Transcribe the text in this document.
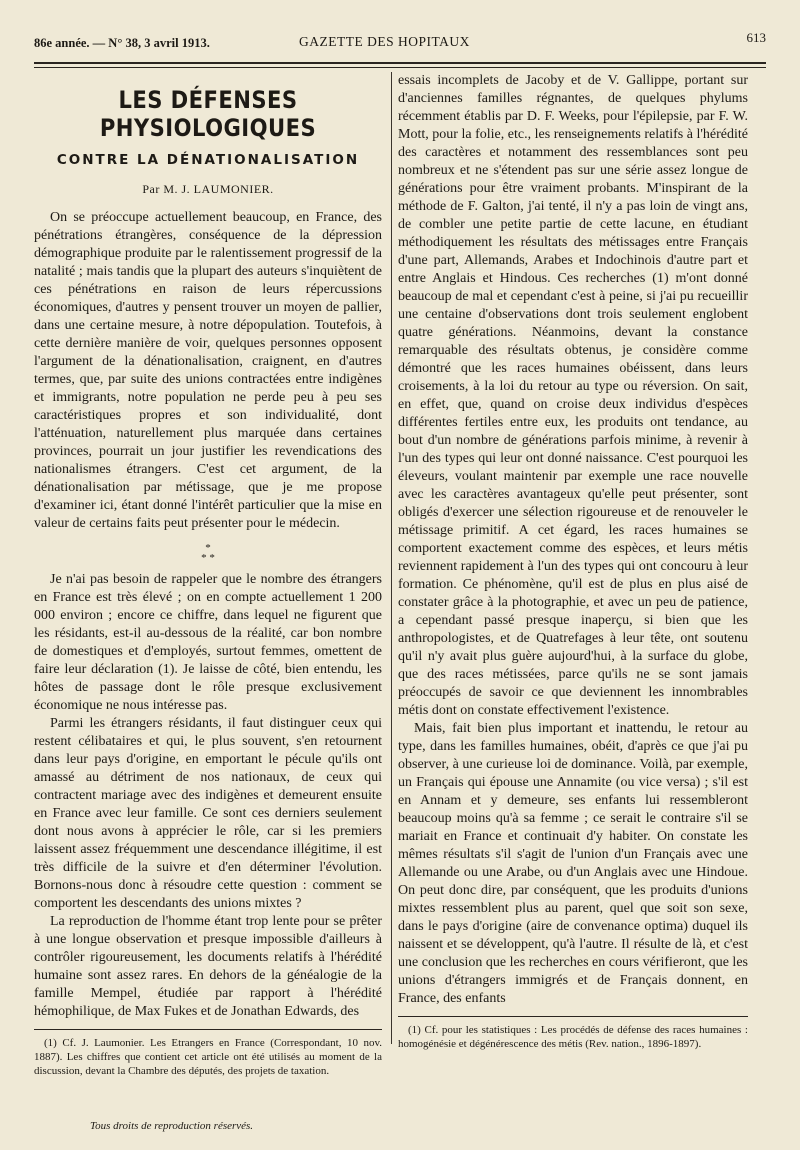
86e année. — N° 38, 3 avril 1913.	GAZETTE DES HOPITAUX	613
LES DÉFENSES PHYSIOLOGIQUES
CONTRE LA DÉNATIONALISATION
Par M. J. LAUMONIER.

On se préoccupe actuellement beaucoup, en France, des pénétrations étrangères, conséquence de la dépression démographique produite par le ralentissement progressif de la natalité ; mais tandis que la plupart des auteurs s'inquiètent de ces pénétrations en raison de leurs répercussions économiques, d'autres y pensent trouver un moyen de pallier, dans une certaine mesure, à notre dépopulation. Toutefois, à cette dernière manière de voir, quelques personnes opposent l'argument de la dénationalisation, craignent, en d'autres termes, que, par suite des unions contractées entre indigènes et immigrants, notre population ne perde peu à peu ses caractéristiques propres et son individualité, dont l'atténuation, naturellement plus marquée dans certaines provinces, pourrait un jour justifier les revendications des nationalismes étrangers. C'est cet argument, de la dénationalisation par métissage, que je me propose d'examiner ici, étant donné l'intérêt particulier que la mise en valeur de certains faits peut présenter pour le médecin.

*
* *

Je n'ai pas besoin de rappeler que le nombre des étrangers en France est très élevé ; on en compte actuellement 1 200 000 environ ; encore ce chiffre, dans lequel ne figurent que les résidants, est-il au-dessous de la réalité, car bon nombre de domestiques et d'employés, surtout femmes, omettent de faire leur déclaration (1). Je laisse de côté, bien entendu, les hôtes de passage dont le rôle presque exclusivement économique ne nous intéresse pas.

Parmi les étrangers résidants, il faut distinguer ceux qui restent célibataires et qui, le plus souvent, s'en retournent dans leur pays d'origine, en emportant le pécule qu'ils ont amassé au détriment de nos nationaux, de ceux qui contractent mariage avec des indigènes et demeurent ensuite en France avec leur famille. Ce sont ces derniers seulement dont nous avons à apprécier le rôle, car si les premiers laissent assez fréquemment une descendance illégitime, il est très difficile de la suivre et d'en déterminer l'évolution. Bornons-nous donc à résoudre cette question : comment se comportent les descendants des unions mixtes ?

La reproduction de l'homme étant trop lente pour se prêter à une longue observation et presque impossible d'ailleurs à contrôler rigoureusement, les documents relatifs à l'hérédité humaine sont assez rares. En dehors de la généalogie de la famille Mempel, étudiée par rapport à l'hérédité hémophilique, de Max Fukes et de Jonathan Edwards, des

(1) Cf. J. Laumonier. Les Etrangers en France (Correspondant, 10 nov. 1887). Les chiffres que contient cet article ont été utilisés au moment de la discussion, devant la Chambre des députés, des projets de taxation.

essais incomplets de Jacoby et de V. Gallippe, portant sur d'anciennes familles régnantes, de quelques phylums récemment établis par D. F. Weeks, pour l'épilepsie, par F. W. Mott, pour la folie, etc., les renseignements relatifs à l'hérédité des caractères et notamment des ressemblances sont peu nombreux et ne s'étendent pas sur une série assez longue de générations pour être vraiment probants. M'inspirant de la méthode de F. Galton, j'ai tenté, il n'y a pas loin de vingt ans, de combler une petite partie de cette lacune, en étudiant méthodiquement les résultats des métissages entre Français d'une part, Allemands, Arabes et Indochinois d'autre part et entre Anglais et Hindous. Ces recherches (1) m'ont donné beaucoup de mal et cependant c'est à peine, si j'ai pu recueillir une centaine d'observations dont trois seulement englobent quatre générations. Néanmoins, devant la constance remarquable des résultats obtenus, je considère comme démontré que les races humaines obéissent, dans leurs croisements, à la loi du retour au type ou réversion. On sait, en effet, que, quand on croise deux individus d'espèces différentes fertiles entre eux, les produits ont tendance, au bout d'un nombre de générations parfois minime, à revenir à l'un des types qui leur ont donné naissance. C'est pourquoi les éleveurs, voulant maintenir par exemple une race nouvelle avec les caractères avantageux qu'elle peut présenter, sont obligés d'exercer une sélection rigoureuse et de renouveler le métissage primitif. A cet égard, les races humaines se comportent exactement comme des espèces, et leurs métis reviennent rapidement à l'un des types qui ont concouru à leur formation. Ce phénomène, qu'il est de plus en plus aisé de constater grâce à la photographie, et avec un peu de patience, a cependant passé presque inaperçu, si bien que les anthropologistes, et de Quatrefages à leur tête, ont soutenu qu'il n'y avait plus guère aujourd'hui, à la surface du globe, que des races métissées, parce qu'ils ne se sont jamais préoccupés de savoir ce que deviennent les innombrables métis dont on constate effectivement l'existence.

Mais, fait bien plus important et inattendu, le retour au type, dans les familles humaines, obéit, d'après ce que j'ai pu observer, à une curieuse loi de dominance. Voilà, par exemple, un Français qui épouse une Annamite (ou vice versa) ; s'il est en Annam et y demeure, ses enfants lui ressembleront beaucoup moins qu'à sa femme ; ce serait le contraire s'il se mariait en France et continuait d'y habiter. On constate les mêmes résultats s'il s'agit de l'union d'un Français avec une Allemande ou une Arabe, ou d'un Anglais avec une Hindoue. On peut donc dire, par conséquent, que les produits d'unions mixtes ressemblent plus au parent, quel que soit son sexe, dans le pays d'origine (aire de convenance optima) duquel ils naissent et se développent, qu'à l'autre. Il résulte de là, et c'est une conclusion que les recherches en cours vérifieront, que les unions d'étrangers immigrés et de Français donnent, en France, des enfants

(1) Cf. pour les statistiques : Les procédés de défense des races humaines : homogénésie et dégénérescence des métis (Rev. nation., 1896-1897).

Tous droits de reproduction réservés.
